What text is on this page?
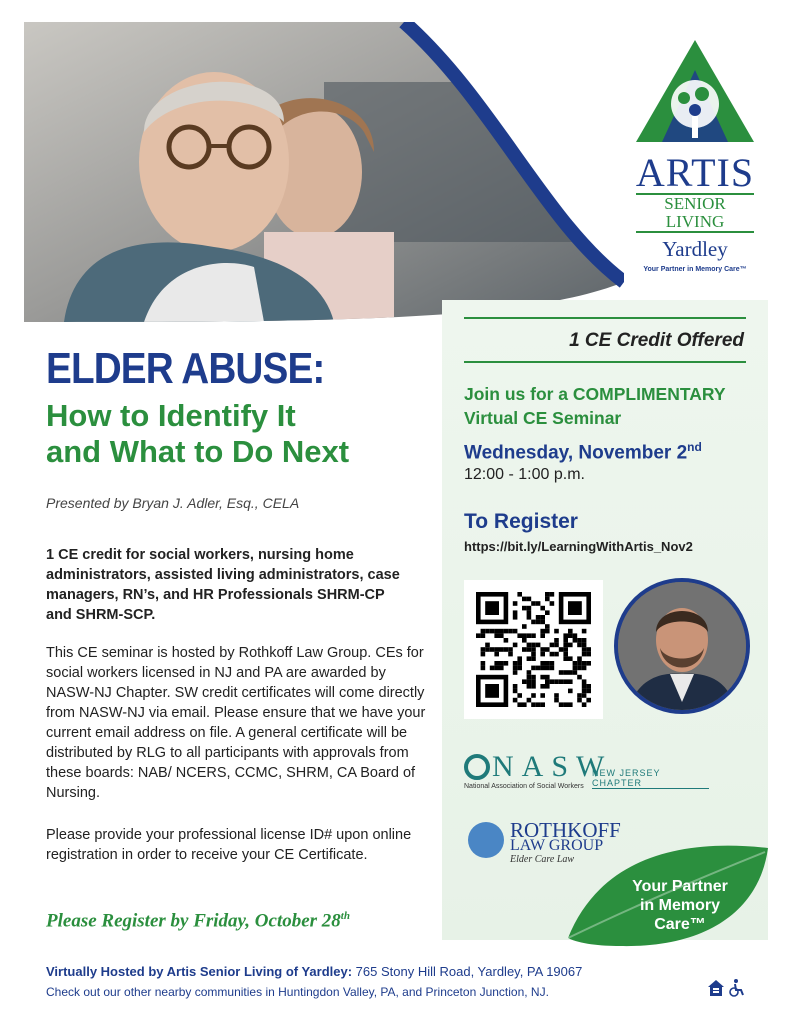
ARTIS
SENIOR LIVING
Yardley
Your Partner in Memory Care™
ELDER ABUSE:
How to Identify It
and What to Do Next
Presented by Bryan J. Adler, Esq., CELA
1 CE credit for social workers, nursing home administrators, assisted living administrators, case managers, RN’s, and HR Professionals SHRM-CP and SHRM-SCP.
This CE seminar is hosted by Rothkoff Law Group. CEs for social workers licensed in NJ and PA are awarded by NASW-NJ Chapter. SW credit certificates will come directly from NASW-NJ via email. Please ensure that we have your current email address on file. A general certificate will be distributed by RLG to all participants with approvals from these boards: NAB/ NCERS, CCMC, SHRM, CA Board of Nursing.
Please provide your professional license ID# upon online registration in order to receive your CE Certificate.
Please Register by Friday, October 28th
1 CE Credit Offered
Join us for a COMPLIMENTARY
Virtual CE Seminar
Wednesday, November 2nd
12:00 - 1:00 p.m.
To Register
https://bit.ly/LearningWithArtis_Nov2
NASW
NEW JERSEY CHAPTER
National Association of Social Workers
ROTHKOFF
LAW GROUP
Elder Care Law
Your Partner
in Memory
Care™
Virtually Hosted by Artis Senior Living of Yardley: 765 Stony Hill Road, Yardley, PA 19067
Check out our other nearby communities in Huntingdon Valley, PA, and Princeton Junction, NJ.
